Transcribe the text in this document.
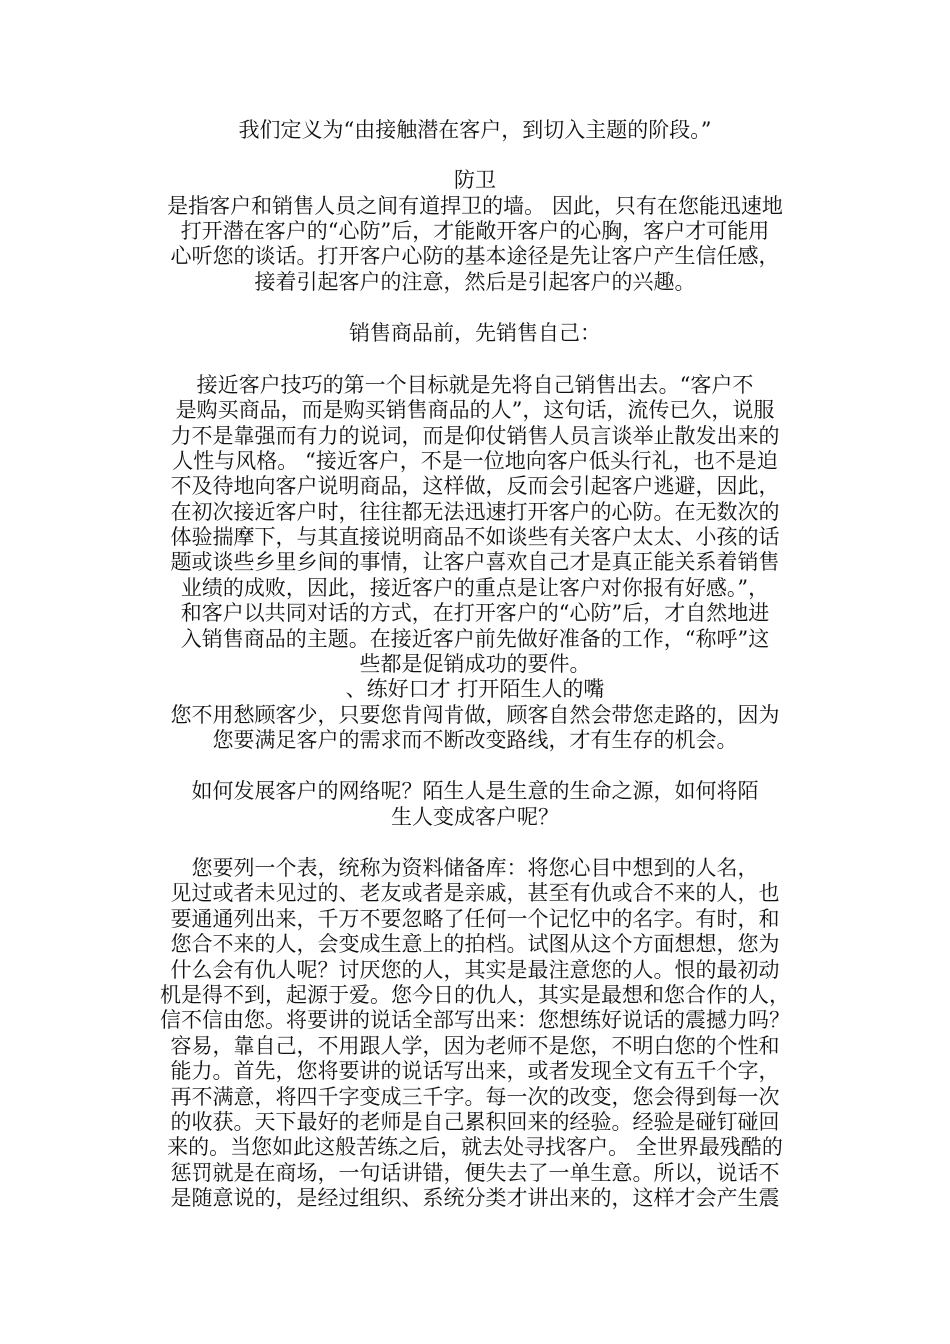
我们定义为“由接触潜在客户，到切入主题的阶段。”
防卫
是指客户和销售人员之间有道捍卫的墙。 因此，只有在您能迅速地
打开潜在客户的“心防”后，才能敞开客户的心胸，客户才可能用
心听您的谈话。打开客户心防的基本途径是先让客户产生信任感，
接着引起客户的注意，然后是引起客户的兴趣。
销售商品前，先销售自己：
接近客户技巧的第一个目标就是先将自己销售出去。“客户不
是购买商品，而是购买销售商品的人”，这句话，流传已久，说服
力不是靠强而有力的说词，而是仰仗销售人员言谈举止散发出来的
人性与风格。 “接近客户，不是一位地向客户低头行礼，也不是迫
不及待地向客户说明商品，这样做，反而会引起客户逃避，因此，
在初次接近客户时，往往都无法迅速打开客户的心防。在无数次的
体验揣摩下，与其直接说明商品不如谈些有关客户太太、小孩的话
题或谈些乡里乡间的事情，让客户喜欢自己才是真正能关系着销售
业绩的成败，因此，接近客户的重点是让客户对你报有好感。”，
和客户以共同对话的方式，在打开客户的“心防”后，才自然地进
入销售商品的主题。在接近客户前先做好准备的工作，“称呼”这
些都是促销成功的要件。
、练好口才 打开陌生人的嘴
您不用愁顾客少，只要您肯闯肯做，顾客自然会带您走路的，因为
您要满足客户的需求而不断改变路线，才有生存的机会。
如何发展客户的网络呢？陌生人是生意的生命之源，如何将陌
生人变成客户呢？
您要列一个表，统称为资料储备库：将您心目中想到的人名，
见过或者未见过的、老友或者是亲戚，甚至有仇或合不来的人，也
要通通列出来，千万不要忽略了任何一个记忆中的名字。有时，和
您合不来的人，会变成生意上的拍档。试图从这个方面想想，您为
什么会有仇人呢？讨厌您的人，其实是最注意您的人。恨的最初动
机是得不到，起源于爱。您今日的仇人，其实是最想和您合作的人，
信不信由您。将要讲的说话全部写出来：您想练好说话的震撼力吗？
容易，靠自己，不用跟人学，因为老师不是您，不明白您的个性和
能力。首先，您将要讲的说话写出来，或者发现全文有五千个字，
再不满意，将四千字变成三千字。每一次的改变，您会得到每一次
的收获。天下最好的老师是自己累积回来的经验。经验是碰钉碰回
来的。当您如此这般苦练之后，就去处寻找客户。 全世界最残酷的
惩罚就是在商场，一句话讲错，便失去了一单生意。所以，说话不
是随意说的，是经过组织、系统分类才讲出来的，这样才会产生震
